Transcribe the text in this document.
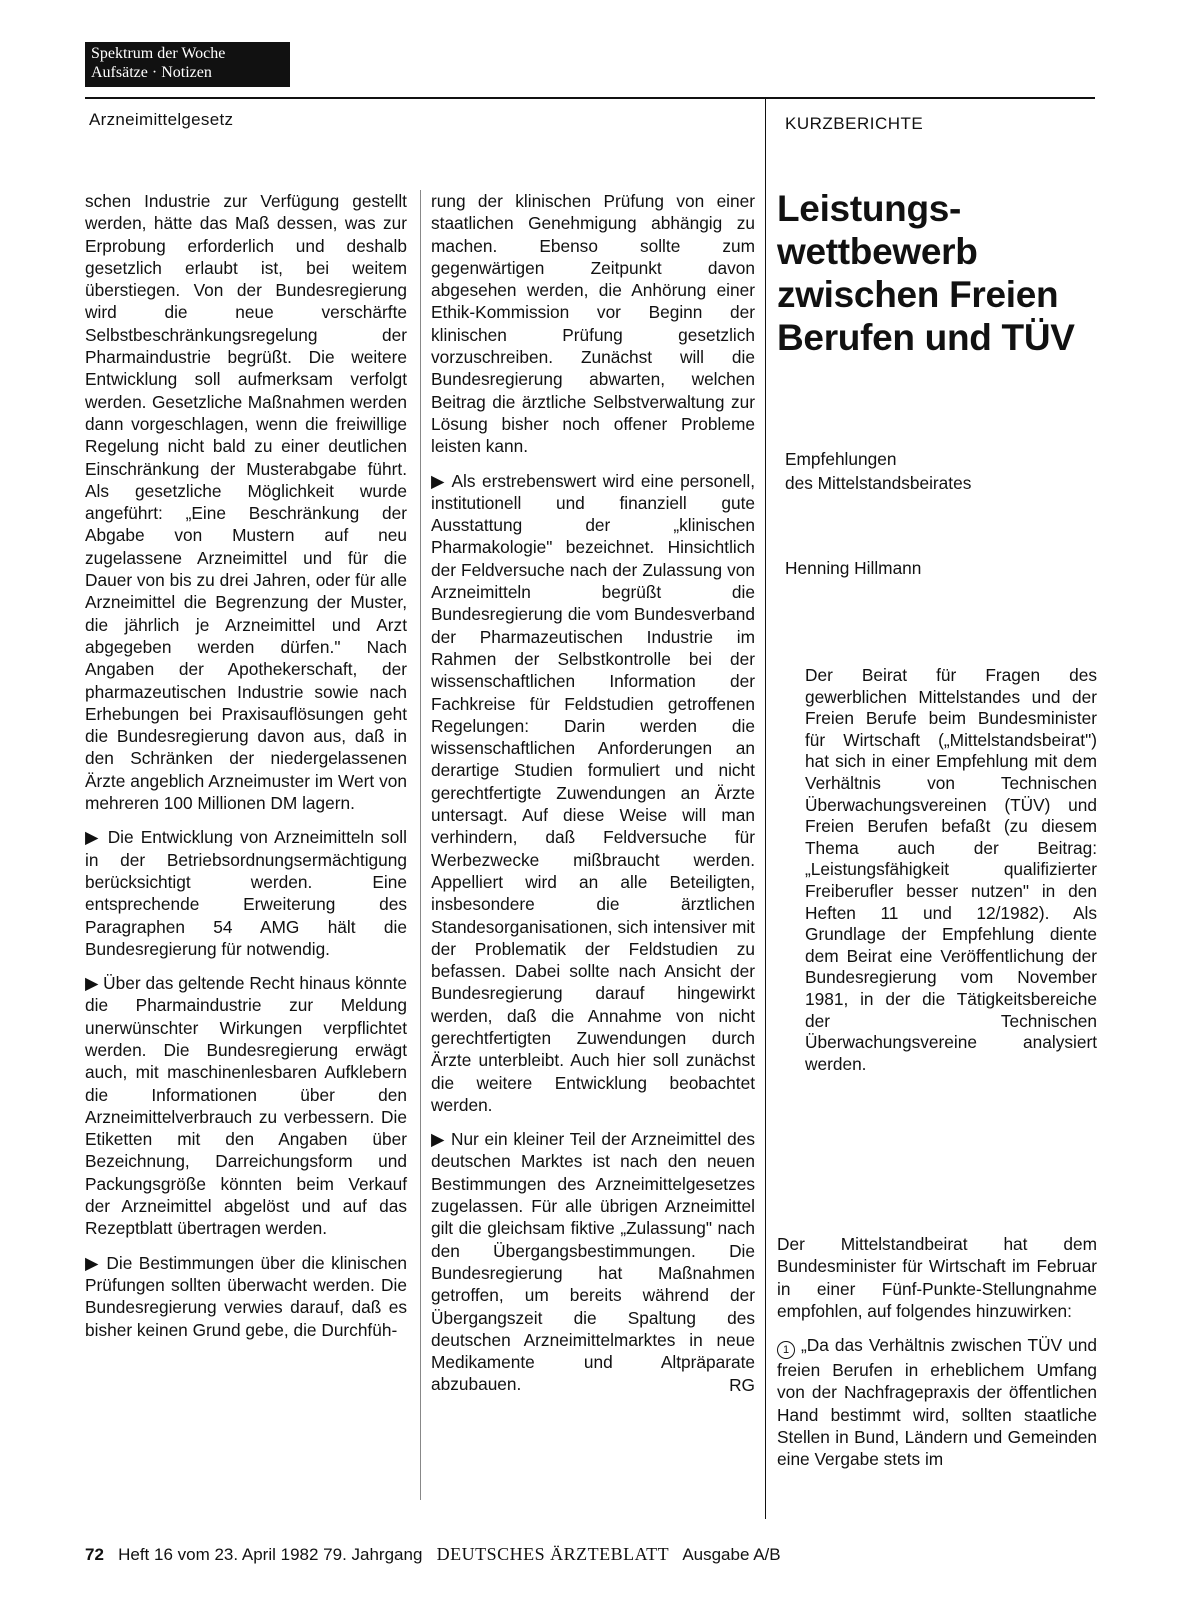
Spektrum der Woche
Aufsätze · Notizen
Arzneimittelgesetz	KURZBERICHTE

schen Industrie zur Verfügung gestellt werden, hätte das Maß dessen, was zur Erprobung erforderlich und deshalb gesetzlich erlaubt ist, bei weitem überstiegen. Von der Bundesregierung wird die neue verschärfte Selbstbeschränkungsregelung der Pharmaindustrie begrüßt. Die weitere Entwicklung soll aufmerksam verfolgt werden. Gesetzliche Maßnahmen werden dann vorgeschlagen, wenn die freiwillige Regelung nicht bald zu einer deutlichen Einschränkung der Musterabgabe führt. Als gesetzliche Möglichkeit wurde angeführt: „Eine Beschränkung der Abgabe von Mustern auf neu zugelassene Arzneimittel und für die Dauer von bis zu drei Jahren, oder für alle Arzneimittel die Begrenzung der Muster, die jährlich je Arzneimittel und Arzt abgegeben werden dürfen." Nach Angaben der Apothekerschaft, der pharmazeutischen Industrie sowie nach Erhebungen bei Praxisauflösungen geht die Bundesregierung davon aus, daß in den Schränken der niedergelassenen Ärzte angeblich Arzneimuster im Wert von mehreren 100 Millionen DM lagern.

▶ Die Entwicklung von Arzneimitteln soll in der Betriebsordnungsermächtigung berücksichtigt werden. Eine entsprechende Erweiterung des Paragraphen 54 AMG hält die Bundesregierung für notwendig.

▶ Über das geltende Recht hinaus könnte die Pharmaindustrie zur Meldung unerwünschter Wirkungen verpflichtet werden. Die Bundesregierung erwägt auch, mit maschinenlesbaren Aufklebern die Informationen über den Arzneimittelverbrauch zu verbessern. Die Etiketten mit den Angaben über Bezeichnung, Darreichungsform und Packungsgröße könnten beim Verkauf der Arzneimittel abgelöst und auf das Rezeptblatt übertragen werden.

▶ Die Bestimmungen über die klinischen Prüfungen sollten überwacht werden. Die Bundesregierung verwies darauf, daß es bisher keinen Grund gebe, die Durchfüh-

rung der klinischen Prüfung von einer staatlichen Genehmigung abhängig zu machen. Ebenso sollte zum gegenwärtigen Zeitpunkt davon abgesehen werden, die Anhörung einer Ethik-Kommission vor Beginn der klinischen Prüfung gesetzlich vorzuschreiben. Zunächst will die Bundesregierung abwarten, welchen Beitrag die ärztliche Selbstverwaltung zur Lösung bisher noch offener Probleme leisten kann.

▶ Als erstrebenswert wird eine personell, institutionell und finanziell gute Ausstattung der „klinischen Pharmakologie" bezeichnet. Hinsichtlich der Feldversuche nach der Zulassung von Arzneimitteln begrüßt die Bundesregierung die vom Bundesverband der Pharmazeutischen Industrie im Rahmen der Selbstkontrolle bei der wissenschaftlichen Information der Fachkreise für Feldstudien getroffenen Regelungen: Darin werden die wissenschaftlichen Anforderungen an derartige Studien formuliert und nicht gerechtfertigte Zuwendungen an Ärzte untersagt. Auf diese Weise will man verhindern, daß Feldversuche für Werbezwecke mißbraucht werden. Appelliert wird an alle Beteiligten, insbesondere die ärztlichen Standesorganisationen, sich intensiver mit der Problematik der Feldstudien zu befassen. Dabei sollte nach Ansicht der Bundesregierung darauf hingewirkt werden, daß die Annahme von nicht gerechtfertigten Zuwendungen durch Ärzte unterbleibt. Auch hier soll zunächst die weitere Entwicklung beobachtet werden.

▶ Nur ein kleiner Teil der Arzneimittel des deutschen Marktes ist nach den neuen Bestimmungen des Arzneimittelgesetzes zugelassen. Für alle übrigen Arzneimittel gilt die gleichsam fiktive „Zulassung" nach den Übergangsbestimmungen. Die Bundesregierung hat Maßnahmen getroffen, um bereits während der Übergangszeit die Spaltung des deutschen Arzneimittelmarktes in neue Medikamente und Altpräparate abzubauen.	RG
Leistungs- wettbewerb zwischen Freien Berufen und TÜV
Empfehlungen
des Mittelstandsbeirates
Henning Hillmann
Der Beirat für Fragen des gewerblichen Mittelstandes und der Freien Berufe beim Bundesminister für Wirtschaft („Mittelstandsbeirat") hat sich in einer Empfehlung mit dem Verhältnis von Technischen Überwachungsvereinen (TÜV) und Freien Berufen befaßt (zu diesem Thema auch der Beitrag: „Leistungsfähigkeit qualifizierter Freiberufler besser nutzen" in den Heften 11 und 12/1982). Als Grundlage der Empfehlung diente dem Beirat eine Veröffentlichung der Bundesregierung vom November 1981, in der die Tätigkeitsbereiche der Technischen Überwachungsvereine analysiert werden.

Der Mittelstandbeirat hat dem Bundesminister für Wirtschaft im Februar in einer Fünf-Punkte-Stellungnahme empfohlen, auf folgendes hinzuwirken:

1 „Da das Verhältnis zwischen TÜV und freien Berufen in erheblichem Umfang von der Nachfragepraxis der öffentlichen Hand bestimmt wird, sollten staatliche Stellen in Bund, Ländern und Gemeinden eine Vergabe stets im

72 Heft 16 vom 23. April 1982 79. Jahrgang DEUTSCHES ÄRZTEBLATT Ausgabe A/B
